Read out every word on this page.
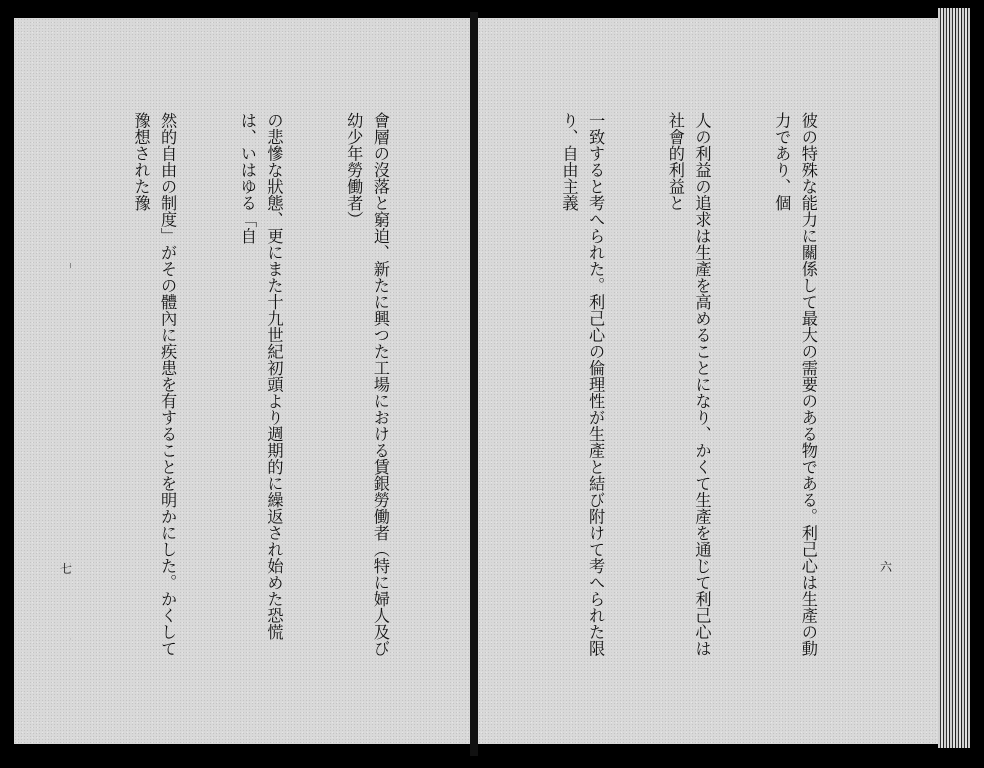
會層の沒落と窮迫、新たに興つた工場における賃銀勞働者（特に婦人及び幼少年勞働者）

の悲慘な狀態、更にまた十九世紀初頭より週期的に繰返され始めた恐慌は、いはゆる「自

然的自由の制度」がその體內に疾患を有することを明かにした。かくして豫想された豫

七

	彼の特殊な能力に關係して最大の需要のある物である。利己心は生產の動力であり、個

人の利益の追求は生產を高めることになり、かくて生產を通じて利己心は社會的利益と

一致すると考へられた。利己心の倫理性が生產と結び附けて考へられた限り、自由主義

六
